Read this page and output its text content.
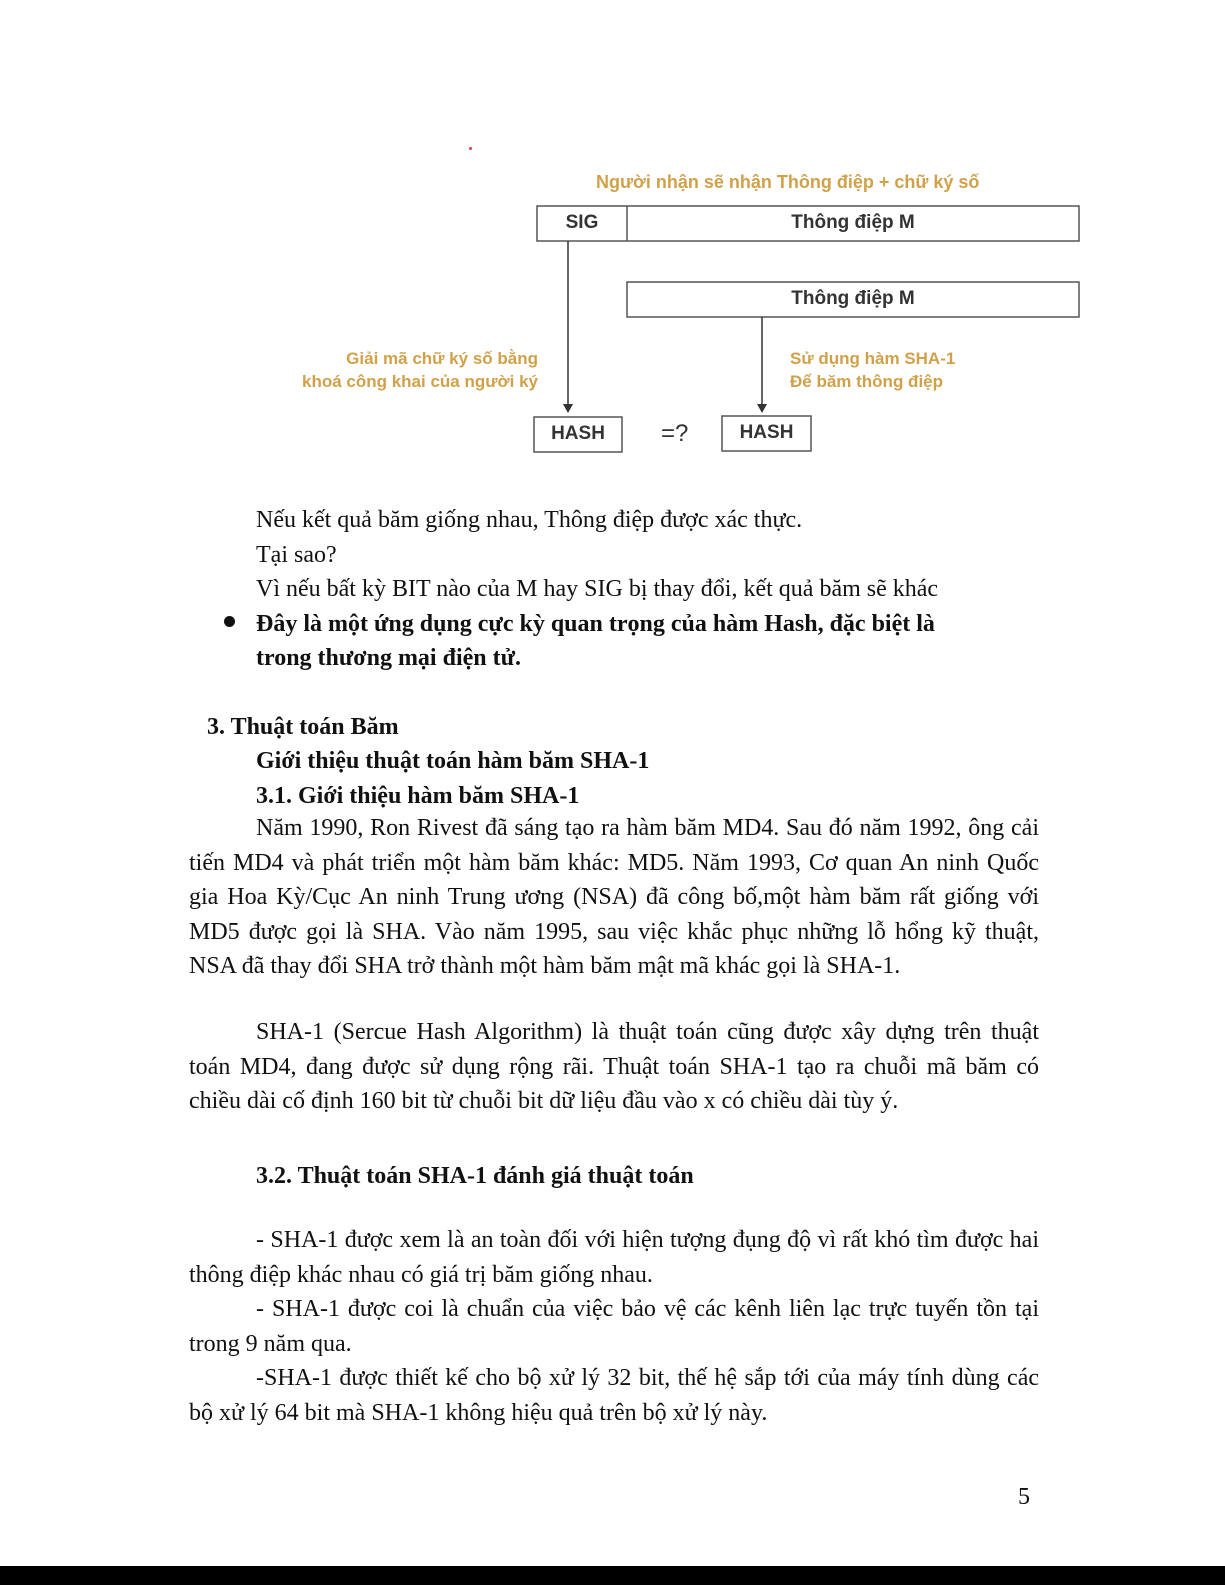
Người nhận sẽ nhận Thông điệp + chữ ký số
SIG	Thông điệp M
Thông điệp M
Giải mã chữ ký số bằng
khoá công khai của người ký
Sử dụng hàm SHA-1
Để băm thông điệp
HASH	=?	HASH
Nếu kết quả băm giống nhau, Thông điệp được xác thực.
Tại sao?
Vì nếu bất kỳ BIT nào của M hay SIG bị thay đổi, kết quả băm sẽ khác
Đây là một ứng dụng cực kỳ quan trọng của hàm Hash, đặc biệt là
trong thương mại điện tử.
3. Thuật toán Băm
Giới thiệu thuật toán hàm băm SHA-1
3.1. Giới thiệu hàm băm SHA-1
Năm 1990, Ron Rivest đã sáng tạo ra hàm băm MD4. Sau đó năm 1992, ông cải tiến MD4 và phát triển một hàm băm khác: MD5. Năm 1993, Cơ quan An ninh Quốc gia Hoa Kỳ/Cục An ninh Trung ương (NSA) đã công bố,một hàm băm rất giống với MD5 được gọi là SHA. Vào năm 1995, sau việc khắc phục những lỗ hổng kỹ thuật, NSA đã thay đổi SHA trở thành một hàm băm mật mã khác gọi là SHA-1.
SHA-1 (Sercue Hash Algorithm) là thuật toán cũng được xây dựng trên thuật toán MD4, đang được sử dụng rộng rãi. Thuật toán SHA-1 tạo ra chuỗi mã băm có chiều dài cố định 160 bit từ chuỗi bit dữ liệu đầu vào x có chiều dài tùy ý.
3.2. Thuật toán SHA-1 đánh giá thuật toán
- SHA-1 được xem là an toàn đối với hiện tượng đụng độ vì rất khó tìm được hai thông điệp khác nhau có giá trị băm giống nhau.
- SHA-1 được coi là chuẩn của việc bảo vệ các kênh liên lạc trực tuyến tồn tại trong 9 năm qua.
-SHA-1 được thiết kế cho bộ xử lý 32 bit, thế hệ sắp tới của máy tính dùng các bộ xử lý 64 bit mà SHA-1 không hiệu quả trên bộ xử lý này.
5
